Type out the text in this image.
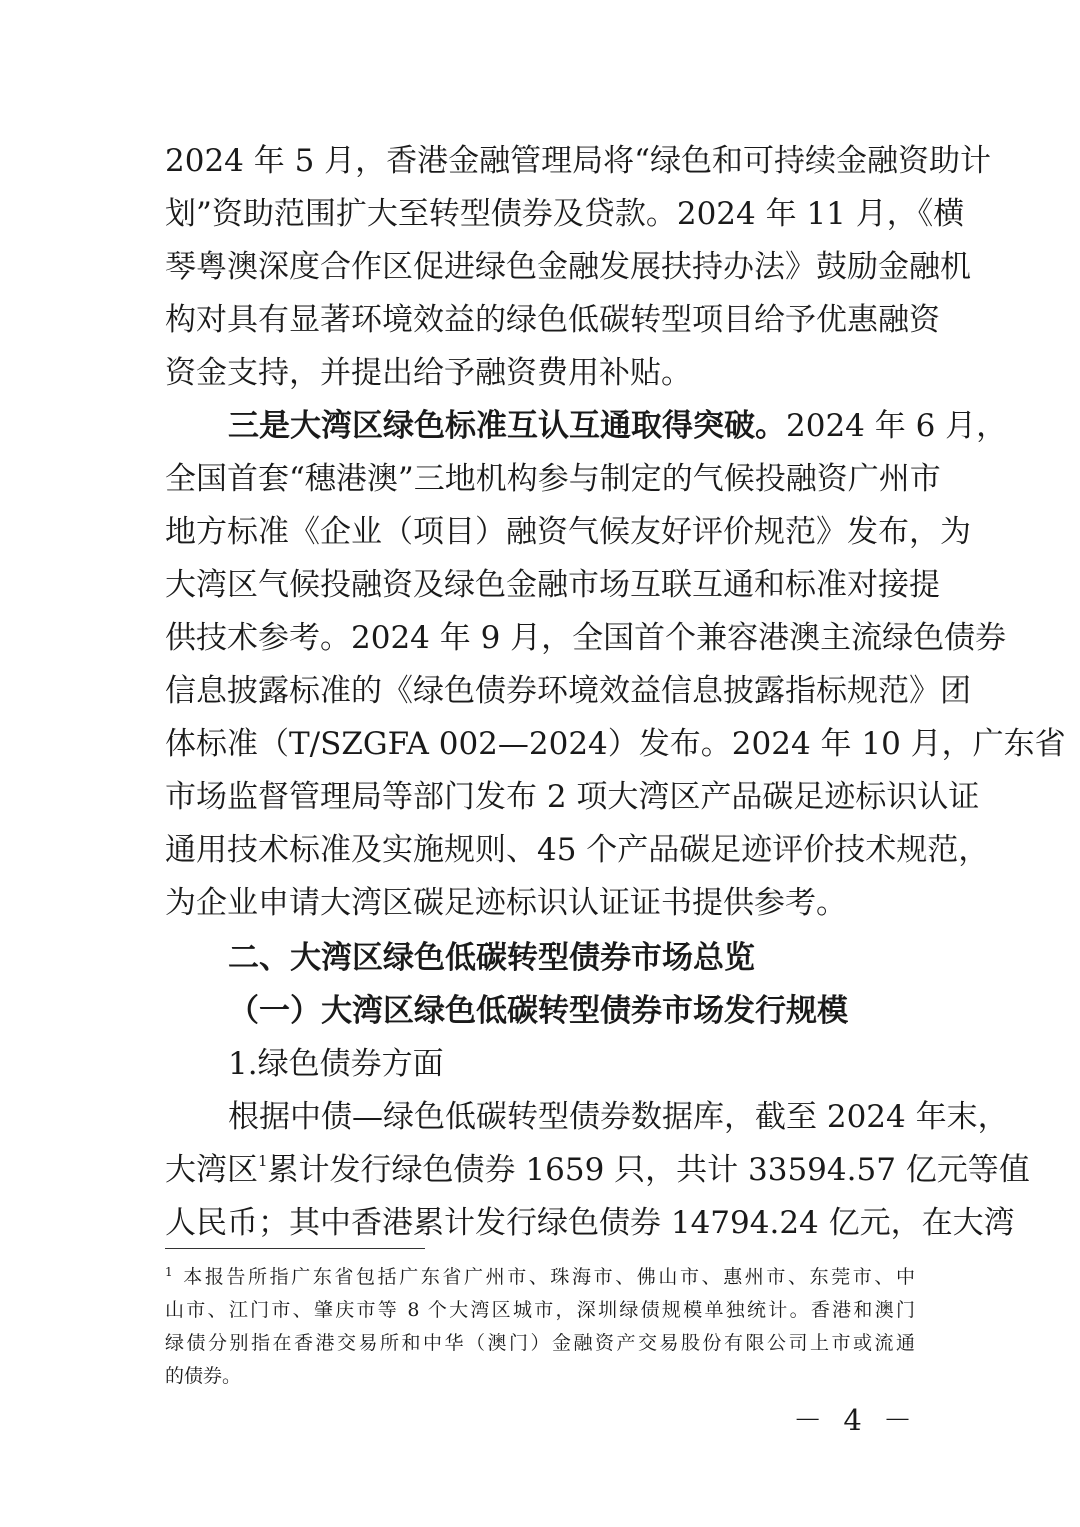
2024 年 5 月，香港金融管理局将“绿色和可持续金融资助计
划”资助范围扩大至转型债券及贷款。2024 年 11 月，《横
琴粤澳深度合作区促进绿色金融发展扶持办法》鼓励金融机
构对具有显著环境效益的绿色低碳转型项目给予优惠融资
资金支持，并提出给予融资费用补贴。
三是大湾区绿色标准互认互通取得突破。2024 年 6 月，
全国首套“穗港澳”三地机构参与制定的气候投融资广州市
地方标准《企业（项目）融资气候友好评价规范》发布，为
大湾区气候投融资及绿色金融市场互联互通和标准对接提
供技术参考。2024 年 9 月，全国首个兼容港澳主流绿色债券
信息披露标准的《绿色债券环境效益信息披露指标规范》团
体标准（T/SZGFA 002—2024）发布。2024 年 10 月，广东省
市场监督管理局等部门发布 2 项大湾区产品碳足迹标识认证
通用技术标准及实施规则、45 个产品碳足迹评价技术规范，
为企业申请大湾区碳足迹标识认证证书提供参考。
二、大湾区绿色低碳转型债券市场总览
（一）大湾区绿色低碳转型债券市场发行规模
1.绿色债券方面
根据中债—绿色低碳转型债券数据库，截至 2024 年末，
大湾区$^1$累计发行绿色债券 1659 只，共计 33594.57 亿元等值
人民币；其中香港累计发行绿色债券 14794.24 亿元，在大湾
$^1$ 本报告所指广东省包括广东省广州市、珠海市、佛山市、惠州市、东莞市、中
山市、江门市、肇庆市等 8 个大湾区城市，深圳绿债规模单独统计。香港和澳门
绿债分别指在香港交易所和中华（澳门）金融资产交易股份有限公司上市或流通
的债券。
－ 4 －
